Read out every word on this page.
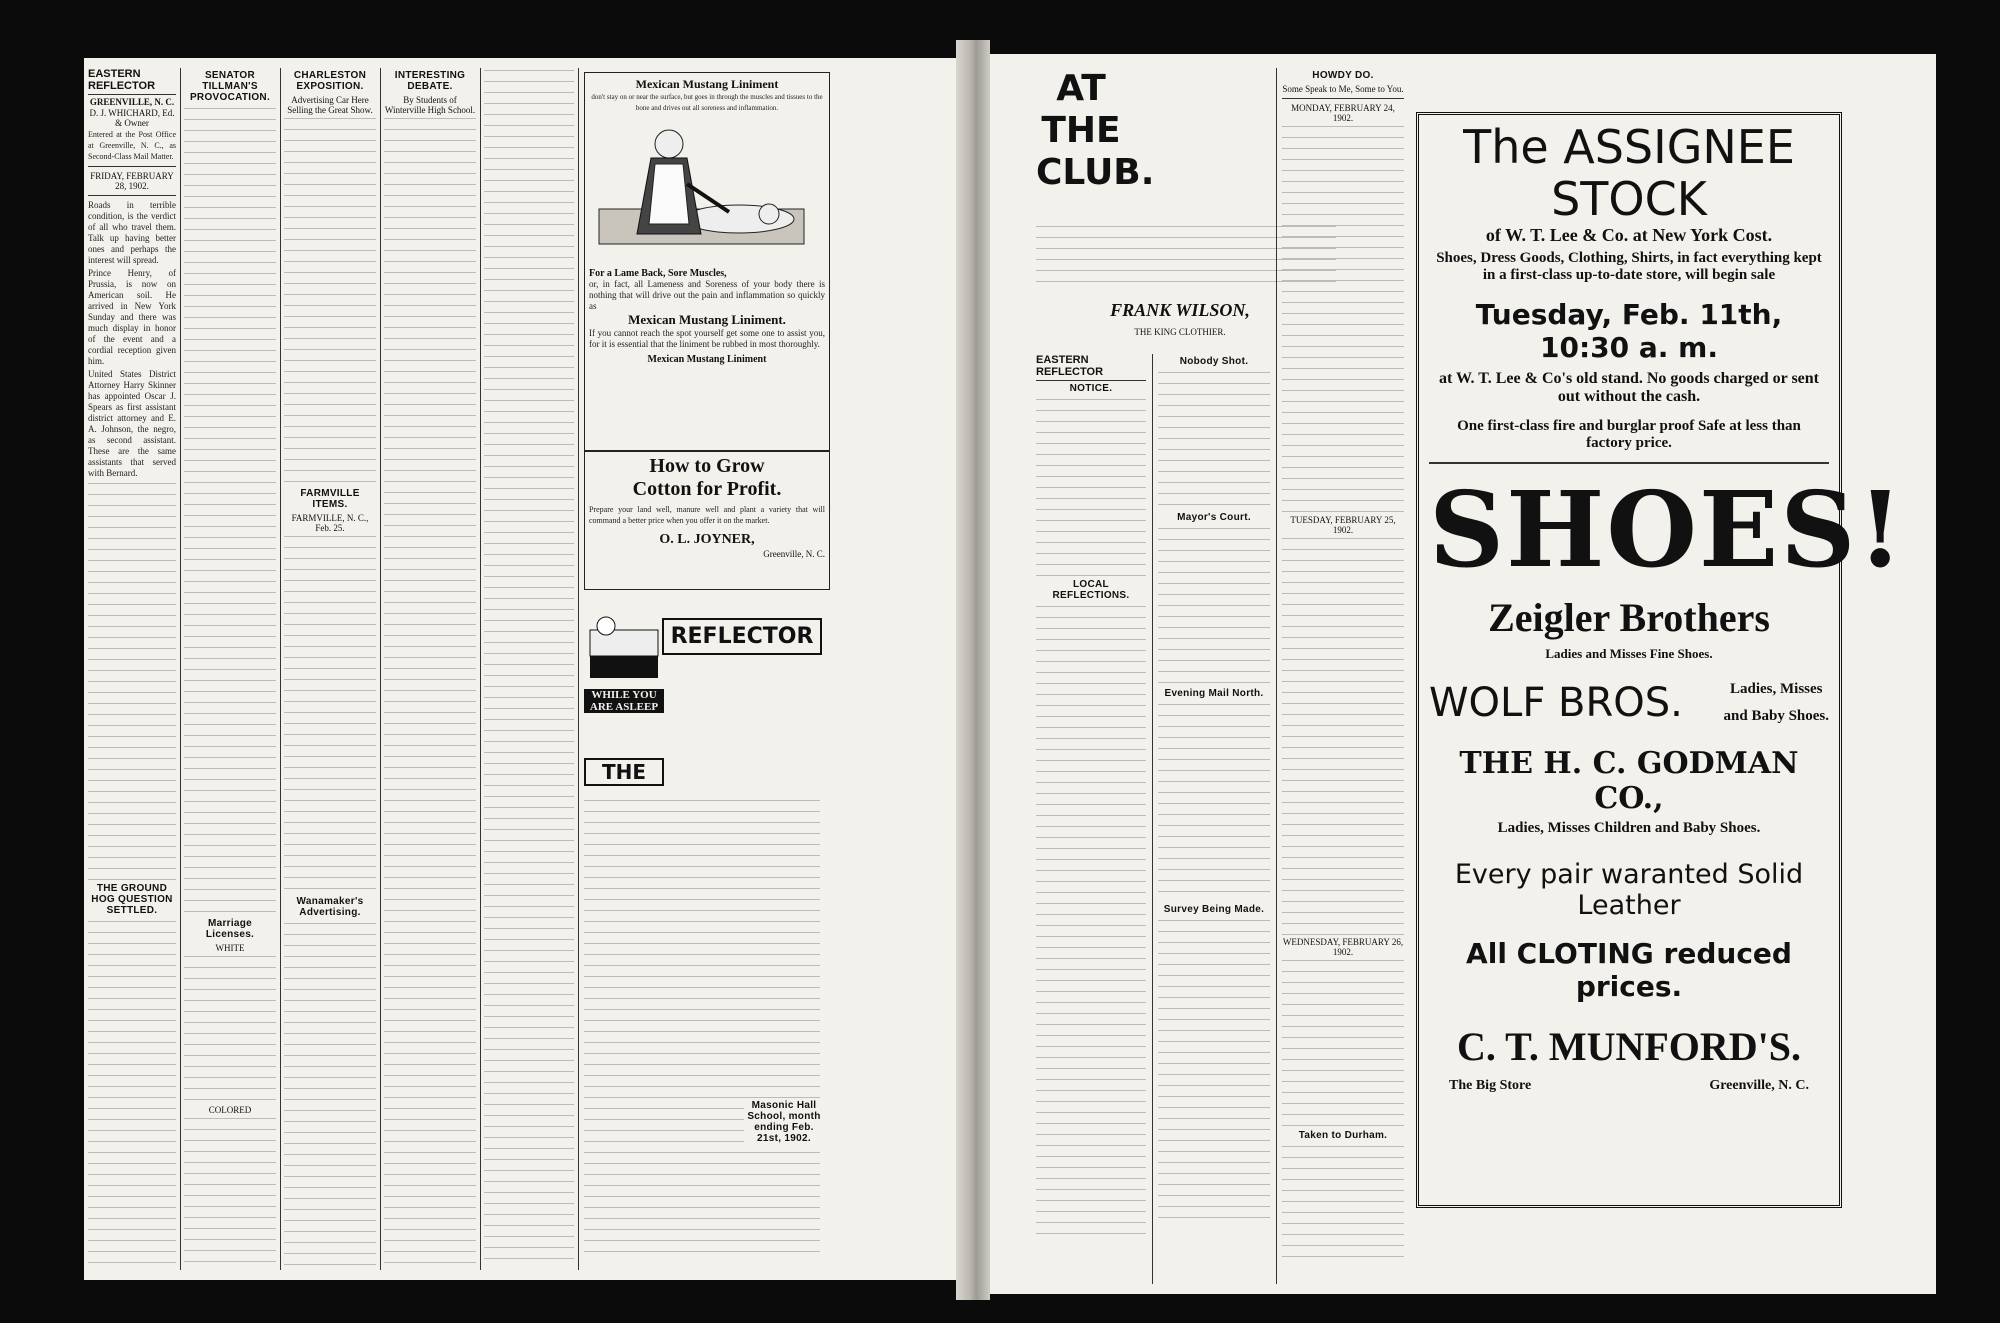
EASTERN REFLECTOR
GREENVILLE, N. C.
D. J. WHICHARD, Ed. & Owner
Entered at the Post Office at Greenville, N. C., as Second-Class Mail Matter.
FRIDAY, FEBRUARY 28, 1902.

Roads in terrible condition, is the verdict of all who travel them. Talk up having better ones and perhaps the interest will spread.

Prince Henry, of Prussia, is now on American soil. He arrived in New York Sunday and there was much display in honor of the event and a cordial reception given him.

United States District Attorney Harry Skinner has appointed Oscar J. Spears as first assistant district attorney and E. A. Johnson, the negro, as second assistant. These are the same assistants that served with Bernard.

THE GROUND HOG QUESTION SETTLED.
SENATOR TILLMAN'S PROVOCATION.
Marriage Licenses.
WHITE
COLORED
CHARLESTON EXPOSITION.
Advertising Car Here Selling the Great Show.
FARMVILLE ITEMS.
FARMVILLE, N. C., Feb. 25.
Wanamaker's Advertising.
INTERESTING DEBATE.
By Students of Winterville High School.
Mexican Mustang Liniment
don't stay on or near the surface, but goes in through the muscles and tissues to the bone and drives out all soreness and inflammation.
For a Lame Back, Sore Muscles,
or, in fact, all Lameness and Soreness of your body there is nothing that will drive out the pain and inflammation so quickly as
Mexican Mustang Liniment.
If you cannot reach the spot yourself get some one to assist you, for it is essential that the liniment be rubbed in most thoroughly.
Mexican Mustang Liniment
How to Grow
Cotton for Profit.
Prepare your land well, manure well and plant a variety that will command a better price when you offer it on the market.
O. L. JOYNER,
Greenville, N. C.
WHILE YOU
ARE ASLEEP
THE
REFLECTOR
Masonic Hall School, month ending Feb. 21st, 1902.
AT
THE
CLUB.
FRANK WILSON,
THE KING CLOTHIER.
EASTERN REFLECTOR
NOTICE.
LOCAL REFLECTIONS.
Nobody Shot.
Mayor's Court.
Evening Mail North.
Survey Being Made.
HOWDY DO.
Some Speak to Me, Some to You.
MONDAY, FEBRUARY 24, 1902.
TUESDAY, FEBRUARY 25, 1902.
WEDNESDAY, FEBRUARY 26, 1902.
Taken to Durham.
The ASSIGNEE STOCK
of W. T. Lee & Co. at New York Cost.
Shoes, Dress Goods, Clothing, Shirts, in fact everything kept in a first-class up-to-date store, will begin sale
Tuesday, Feb. 11th, 10:30 a. m.
at W. T. Lee & Co's old stand. No goods charged or sent out without the cash.
One first-class fire and burglar proof Safe at less than factory price.
SHOES!
Zeigler Brothers
Ladies and Misses Fine Shoes.
WOLF BROS.	Ladies, Misses
and Baby Shoes.
THE H. C. GODMAN CO.,
Ladies, Misses Children and Baby Shoes.
Every pair waranted Solid Leather
All CLOTING reduced prices.
C. T. MUNFORD'S.
The Big Store	Greenville, N. C.
